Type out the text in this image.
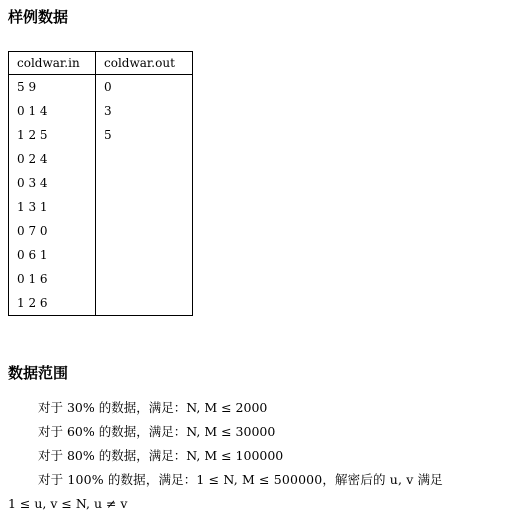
样例数据
coldwar.in	coldwar.out
5 9	0
0 1 4	3
1 2 5	5
0 2 4	
0 3 4	
1 3 1	
0 7 0	
0 6 1	
0 1 6	
1 2 6	
数据范围
对于 30% 的数据，满足：N, M ≤ 2000
对于 60% 的数据，满足：N, M ≤ 30000
对于 80% 的数据，满足：N, M ≤ 100000
对于 100% 的数据，满足：1 ≤ N, M ≤ 500000，解密后的 u, v 满足
1 ≤ u, v ≤ N, u ≠ v
